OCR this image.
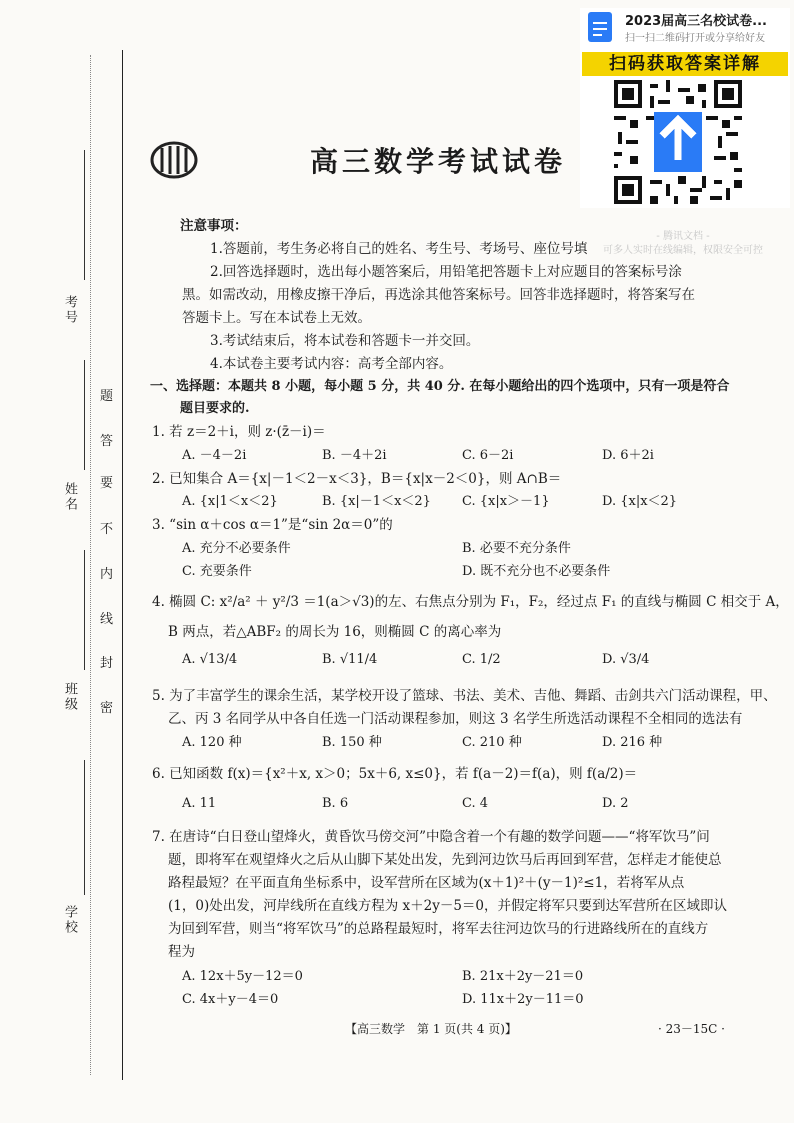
考号
姓名
班级
学校
题
答
要
不
内
线
封
密
高三数学考试试卷
2023届高三名校试卷...
扫一扫二维码打开或分享给好友
扫码获取答案详解
- 腾讯文档 -
可多人实时在线编辑，权限安全可控
注意事项：
1.答题前，考生务必将自己的姓名、考生号、考场号、座位号填
2.回答选择题时，选出每小题答案后，用铅笔把答题卡上对应题目的答案标号涂
黑。如需改动，用橡皮擦干净后，再选涂其他答案标号。回答非选择题时，将答案写在
答题卡上。写在本试卷上无效。
3.考试结束后，将本试卷和答题卡一并交回。
4.本试卷主要考试内容：高考全部内容。
一、选择题：本题共 8 小题，每小题 5 分，共 40 分. 在每小题给出的四个选项中，只有一项是符合
题目要求的.
1. 若 z＝2＋i，则 z·(z̄－i)＝
A. －4－2i	B. －4＋2i	C. 6－2i	D. 6＋2i
2. 已知集合 A＝{x|－1＜2－x＜3}，B＝{x|x－2＜0}，则 A∩B＝
A. {x|1＜x＜2}	B. {x|－1＜x＜2} C. {x|x＞－1}	D. {x|x＜2}
3. “sin α＋cos α＝1”是“sin 2α＝0”的
A. 充分不必要条件	B. 必要不充分条件
C. 充要条件	D. 既不充分也不必要条件
4. 椭圆 C: x²/a² ＋ y²/3 ＝1(a＞√3)的左、右焦点分别为 F₁，F₂，经过点 F₁ 的直线与椭圆 C 相交于 A，
B 两点，若△ABF₂ 的周长为 16，则椭圆 C 的离心率为
A. √13/4	B. √11/4	C. 1/2	D. √3/4
5. 为了丰富学生的课余生活，某学校开设了篮球、书法、美术、吉他、舞蹈、击剑共六门活动课程，甲、
乙、丙 3 名同学从中各自任选一门活动课程参加，则这 3 名学生所选活动课程不全相同的选法有
A. 120 种	B. 150 种	C. 210 种	D. 216 种
6. 已知函数 f(x)＝{x²＋x, x＞0；5x＋6, x≤0}，若 f(a－2)＝f(a)，则 f(a/2)＝
A. 11	B. 6	C. 4	D. 2
7. 在唐诗“白日登山望烽火，黄昏饮马傍交河”中隐含着一个有趣的数学问题——“将军饮马”问
题，即将军在观望烽火之后从山脚下某处出发，先到河边饮马后再回到军营，怎样走才能使总
路程最短？在平面直角坐标系中，设军营所在区域为(x＋1)²＋(y－1)²≤1，若将军从点
(1，0)处出发，河岸线所在直线方程为 x＋2y－5＝0，并假定将军只要到达军营所在区域即认
为回到军营，则当“将军饮马”的总路程最短时，将军去往河边饮马的行进路线所在的直线方
程为
A. 12x＋5y－12＝0	B. 21x＋2y－21＝0
C. 4x＋y－4＝0	D. 11x＋2y－11＝0
【高三数学　第 1 页(共 4 页)】	· 23－15C ·
